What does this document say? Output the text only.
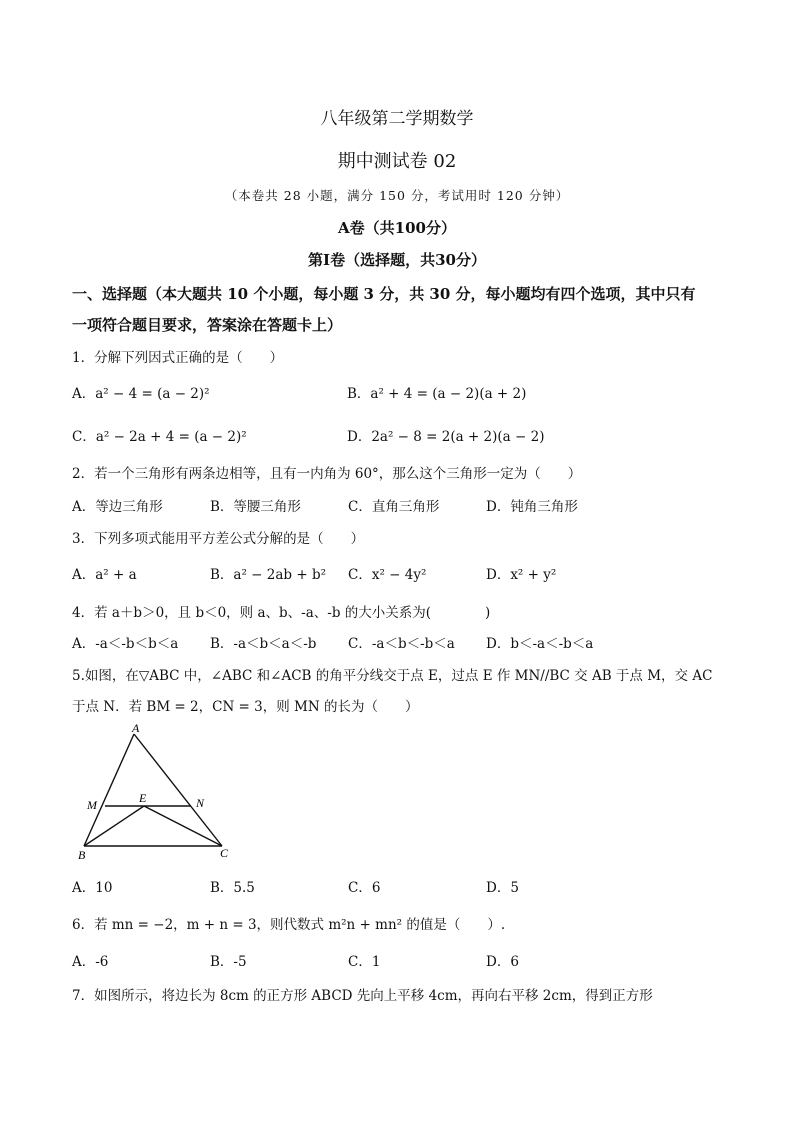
八年级第二学期数学
期中测试卷 02
（本卷共 28 小题，满分 150 分，考试用时 120 分钟）
A卷（共100分）
第Ⅰ卷（选择题，共30分）
一、选择题（本大题共 10 个小题，每小题 3 分，共 30 分，每小题均有四个选项，其中只有
一项符合题目要求，答案涂在答题卡上）
1．分解下列因式正确的是（　　）
A．a² − 4 = (a − 2)²	B．a² + 4 = (a − 2)(a + 2)
C．a² − 2a + 4 = (a − 2)²	D．2a² − 8 = 2(a + 2)(a − 2)
2．若一个三角形有两条边相等，且有一内角为 60°，那么这个三角形一定为（　　）
A．等边三角形	B．等腰三角形	C．直角三角形	D．钝角三角形
3．下列多项式能用平方差公式分解的是（　　）
A．a² + a	B．a² − 2ab + b² C．x² − 4y²	D．x² + y²
4．若 a＋b＞0，且 b＜0，则 a、b、-a、-b 的大小关系为(　　　　)
A．-a＜-b＜b＜a B．-a＜b＜a＜-b C．-a＜b＜-b＜a D．b＜-a＜-b＜a
5.如图，在▽ABC 中，∠ABC 和∠ACB 的角平分线交于点 E，过点 E 作 MN//BC 交 AB 于点 M，交 AC
于点 N．若 BM = 2，CN = 3，则 MN 的长为（　　）
A
M	E	N
B	C
A．10	B．5.5	C．6	D．5
6．若 mn = −2，m + n = 3，则代数式 m²n + mn² 的值是（　　）.
A．-6	B．-5	C．1	D．6
7．如图所示，将边长为 8cm 的正方形 ABCD 先向上平移 4cm，再向右平移 2cm，得到正方形
